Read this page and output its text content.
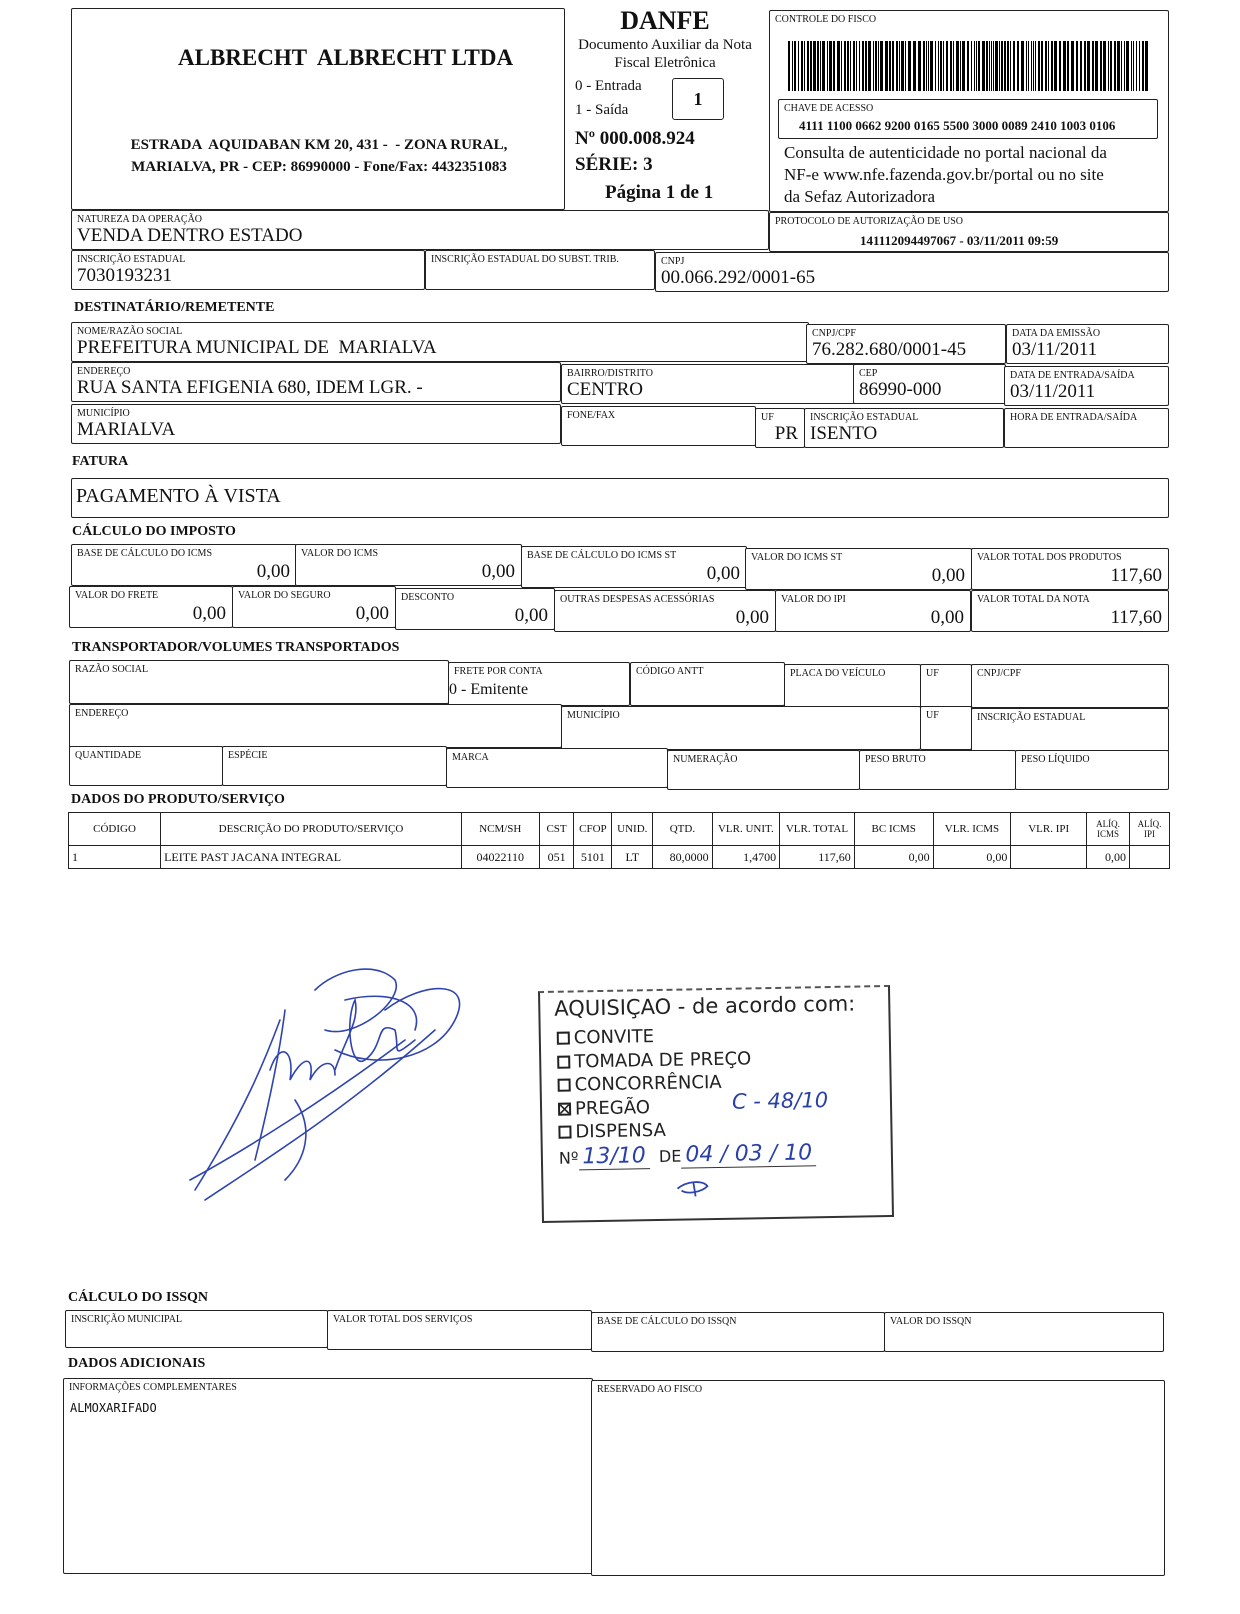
ALBRECHT  ALBRECHT LTDA
ESTRADA  AQUIDABAN KM 20, 431 -  - ZONA RURAL,
MARIALVA, PR - CEP: 86990000 - Fone/Fax: 4432351083
DANFE
Documento Auxiliar da Nota
Fiscal Eletrônica
0 - Entrada
1 - Saída
1
Nº 000.008.924
SÉRIE: 3
Página 1 de 1
CONTROLE DO FISCO
CHAVE DE ACESSO
4111 1100 0662 9200 0165 5500 3000 0089 2410 1003 0106
Consulta de autenticidade no portal nacional da
NF-e www.nfe.fazenda.gov.br/portal ou no site
da Sefaz Autorizadora
NATUREZA DA OPERAÇÃO
VENDA DENTRO ESTADO
PROTOCOLO DE AUTORIZAÇÃO DE USO
141112094497067 - 03/11/2011 09:59
INSCRIÇÃO ESTADUAL
7030193231
INSCRIÇÃO ESTADUAL DO SUBST. TRIB.	CNPJ
00.066.292/0001-65
DESTINATÁRIO/REMETENTE
NOME/RAZÃO SOCIAL
PREFEITURA MUNICIPAL DE  MARIALVA
CNPJ/CPF
76.282.680/0001-45
DATA DA EMISSÃO
03/11/2011
ENDEREÇO
RUA SANTA EFIGENIA 680, IDEM LGR. -
BAIRRO/DISTRITO
CENTRO
CEP
86990-000
DATA DE ENTRADA/SAÍDA
03/11/2011
MUNICÍPIO
MARIALVA
FONE/FAX	UF
PR
INSCRIÇÃO ESTADUAL
ISENTO
HORA DE ENTRADA/SAÍDA
FATURA
PAGAMENTO À VISTA
CÁLCULO DO IMPOSTO
BASE DE CÁLCULO DO ICMS
0,00
VALOR DO ICMS
0,00
BASE DE CÁLCULO DO ICMS ST
0,00
VALOR DO ICMS ST
0,00
VALOR TOTAL DOS PRODUTOS
117,60
VALOR DO FRETE
0,00
VALOR DO SEGURO
0,00
DESCONTO
0,00
OUTRAS DESPESAS ACESSÓRIAS
0,00
VALOR DO IPI
0,00
VALOR TOTAL DA NOTA
117,60
TRANSPORTADOR/VOLUMES TRANSPORTADOS
RAZÃO SOCIAL	FRETE POR CONTA
0 - Emitente
CÓDIGO ANTT	PLACA DO VEÍCULO	UF	CNPJ/CPF
ENDEREÇO	MUNICÍPIO	UF	INSCRIÇÃO ESTADUAL
QUANTIDADE	ESPÉCIE	MARCA	NUMERAÇÃO	PESO BRUTO	PESO LÍQUIDO
DADOS DO PRODUTO/SERVIÇO
CÓDIGO	DESCRIÇÃO DO PRODUTO/SERVIÇO	NCM/SH	CST	CFOP	UNID.	QTD.	VLR. UNIT.	VLR. TOTAL	BC ICMS	VLR. ICMS	VLR. IPI	ALÍQ. ICMS	ALÍQ. IPI
1	LEITE PAST JACANA INTEGRAL	04022110	051	5101	LT	80,0000	1,4700	117,60	0,00	0,00		0,00	
AQUISIÇAO - de acordo com:
CONVITE
TOMADA DE PREÇO
CONCORRÊNCIA
PREGÃO
DISPENSA
C - 48/10
Nº 13/10 DE 04 / 03 / 10
CÁLCULO DO ISSQN
INSCRIÇÃO MUNICIPAL	VALOR TOTAL DOS SERVIÇOS	BASE DE CÁLCULO DO ISSQN	VALOR DO ISSQN
DADOS ADICIONAIS
INFORMAÇÕES COMPLEMENTARES
ALMOXARIFADO
RESERVADO AO FISCO
